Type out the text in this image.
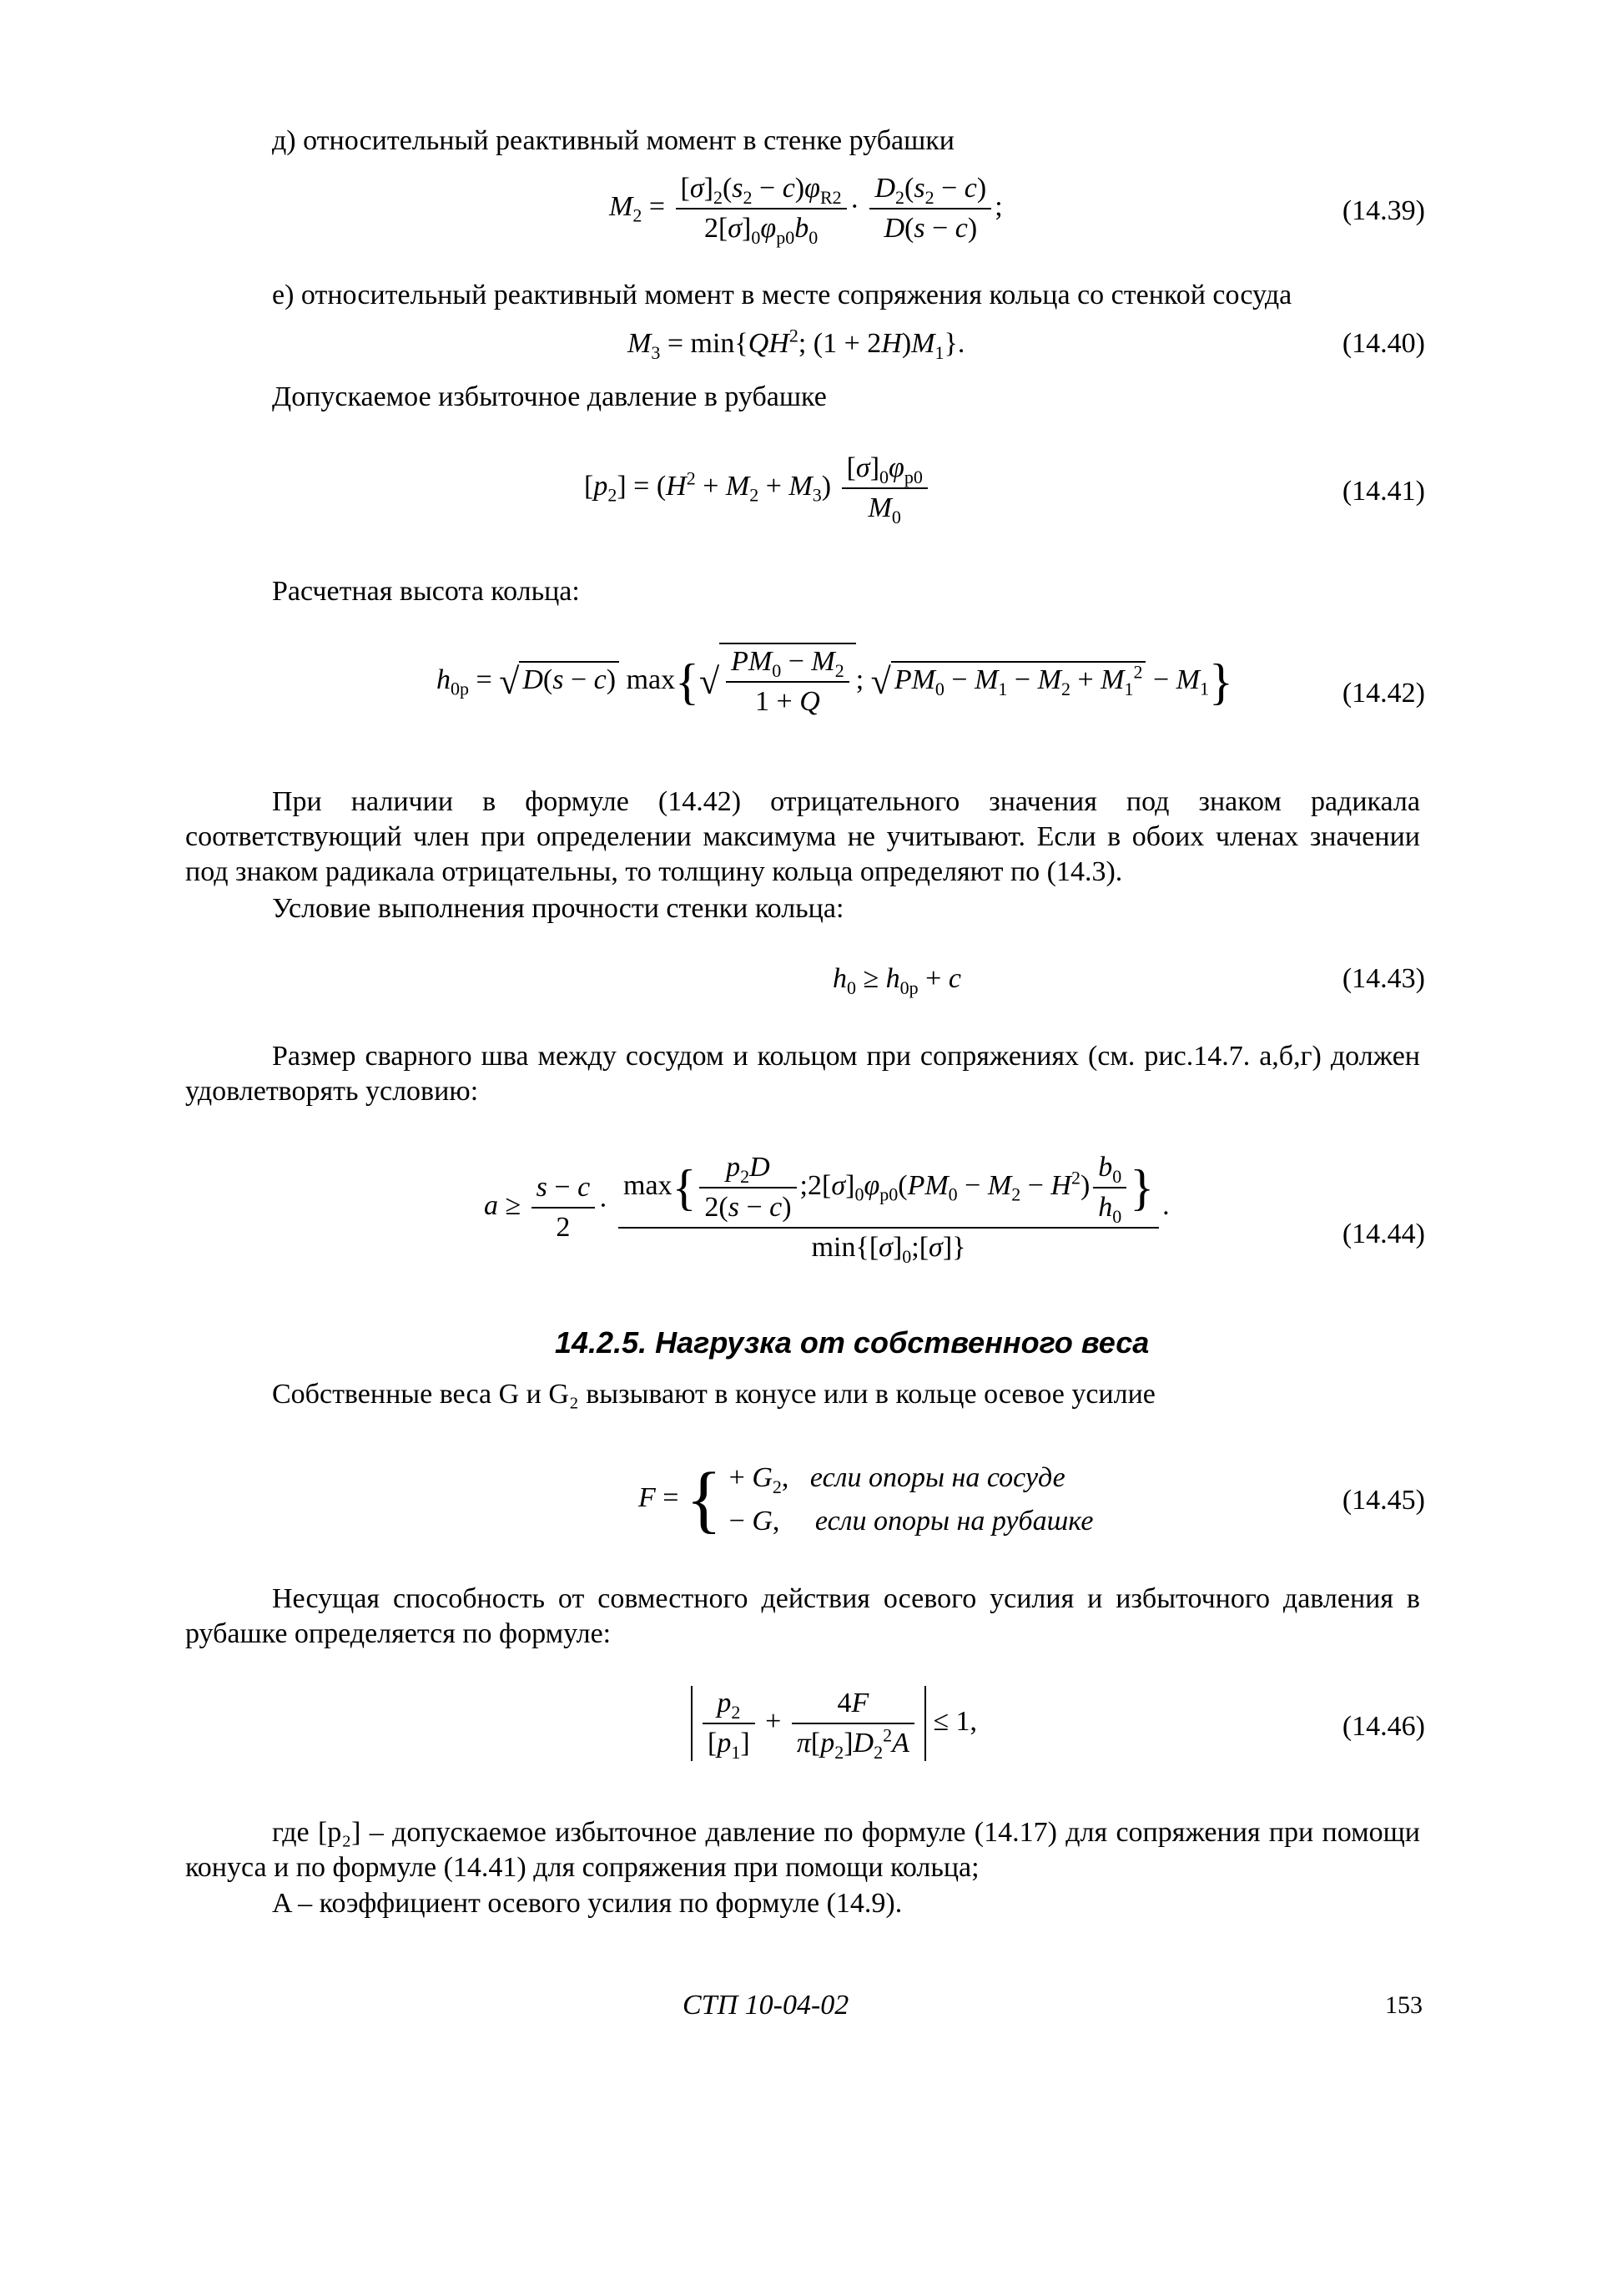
д) относительный реактивный момент в стенке рубашки
$M_2 = \frac{[\sigma]_2(s_2 - c)\varphi_{R2}}{2[\sigma]_0\varphi_{p0}b_0} \cdot \frac{D_2(s_2 - c)}{D(s - c)}$ ;	(14.39)
е) относительный реактивный момент в месте сопряжения кольца со стенкой сосуда
$M_3 = \min\{QH^2$; $(1 + 2H)M_1$}.	(14.40)
Допускаемое избыточное давление в рубашке
$[p_2] = (H^2 + M_2 + M_3) \frac{[\sigma]_0\varphi_{p0}}{M_0}$	(14.41)
Расчетная высота кольца:
$h_{0p}$ = √ D(s − c) $\max\{√ \frac{PM_0 - M_2}{1 + Q}$ ; √ $PM_0 - M_1 - M_2 + M_1^2 - M_1$}	(14.42)
При наличии в формуле (14.42) отрицательного значения под знаком радикала соответствующий член при определении максимума не учитывают. Если в обоих членах значении под знаком радикала отрицательны, то толщину кольца определяют по (14.3).
Условие выполнения прочности стенки кольца:
$h_0 \ge h_{0p} + c$	(14.43)
Размер сварного шва между сосудом и кольцом при сопряжениях (см. рис.14.7. а,б,г) должен удовлетворять условию:
$a \ge \frac{s - c}{2} \cdot \frac{\max\{ \frac{p_2D}{2(s - c)} ;2[\sigma]_0\varphi_{p0}(PM_0 - M_2 - H^2) \frac{b_0}{h_0} \}}{\min\{[\sigma]_0;[\sigma]\}}$ .
(14.44)
14.2.5. Нагрузка от собственного веса
Собственные веса G и G₂ вызывают в конусе или в кольце осевое усилие
F = { + $G_2$,   если опоры на сосуде
− G,     если опоры на рубашке
(14.45)
Несущая способность от совместного действия осевого усилия и избыточного давления в рубашке определяется по формуле:
$\frac{p_2}{[p_1]} + \frac{4F}{\pi[p_2]D_2^2A} \le 1$,	(14.46)
где [p₂] – допускаемое избыточное давление по формуле (14.17) для сопряжения при помощи конуса и по формуле (14.41) для сопряжения при помощи кольца;
A – коэффициент осевого усилия по формуле (14.9).
СТП 10-04-02	153
